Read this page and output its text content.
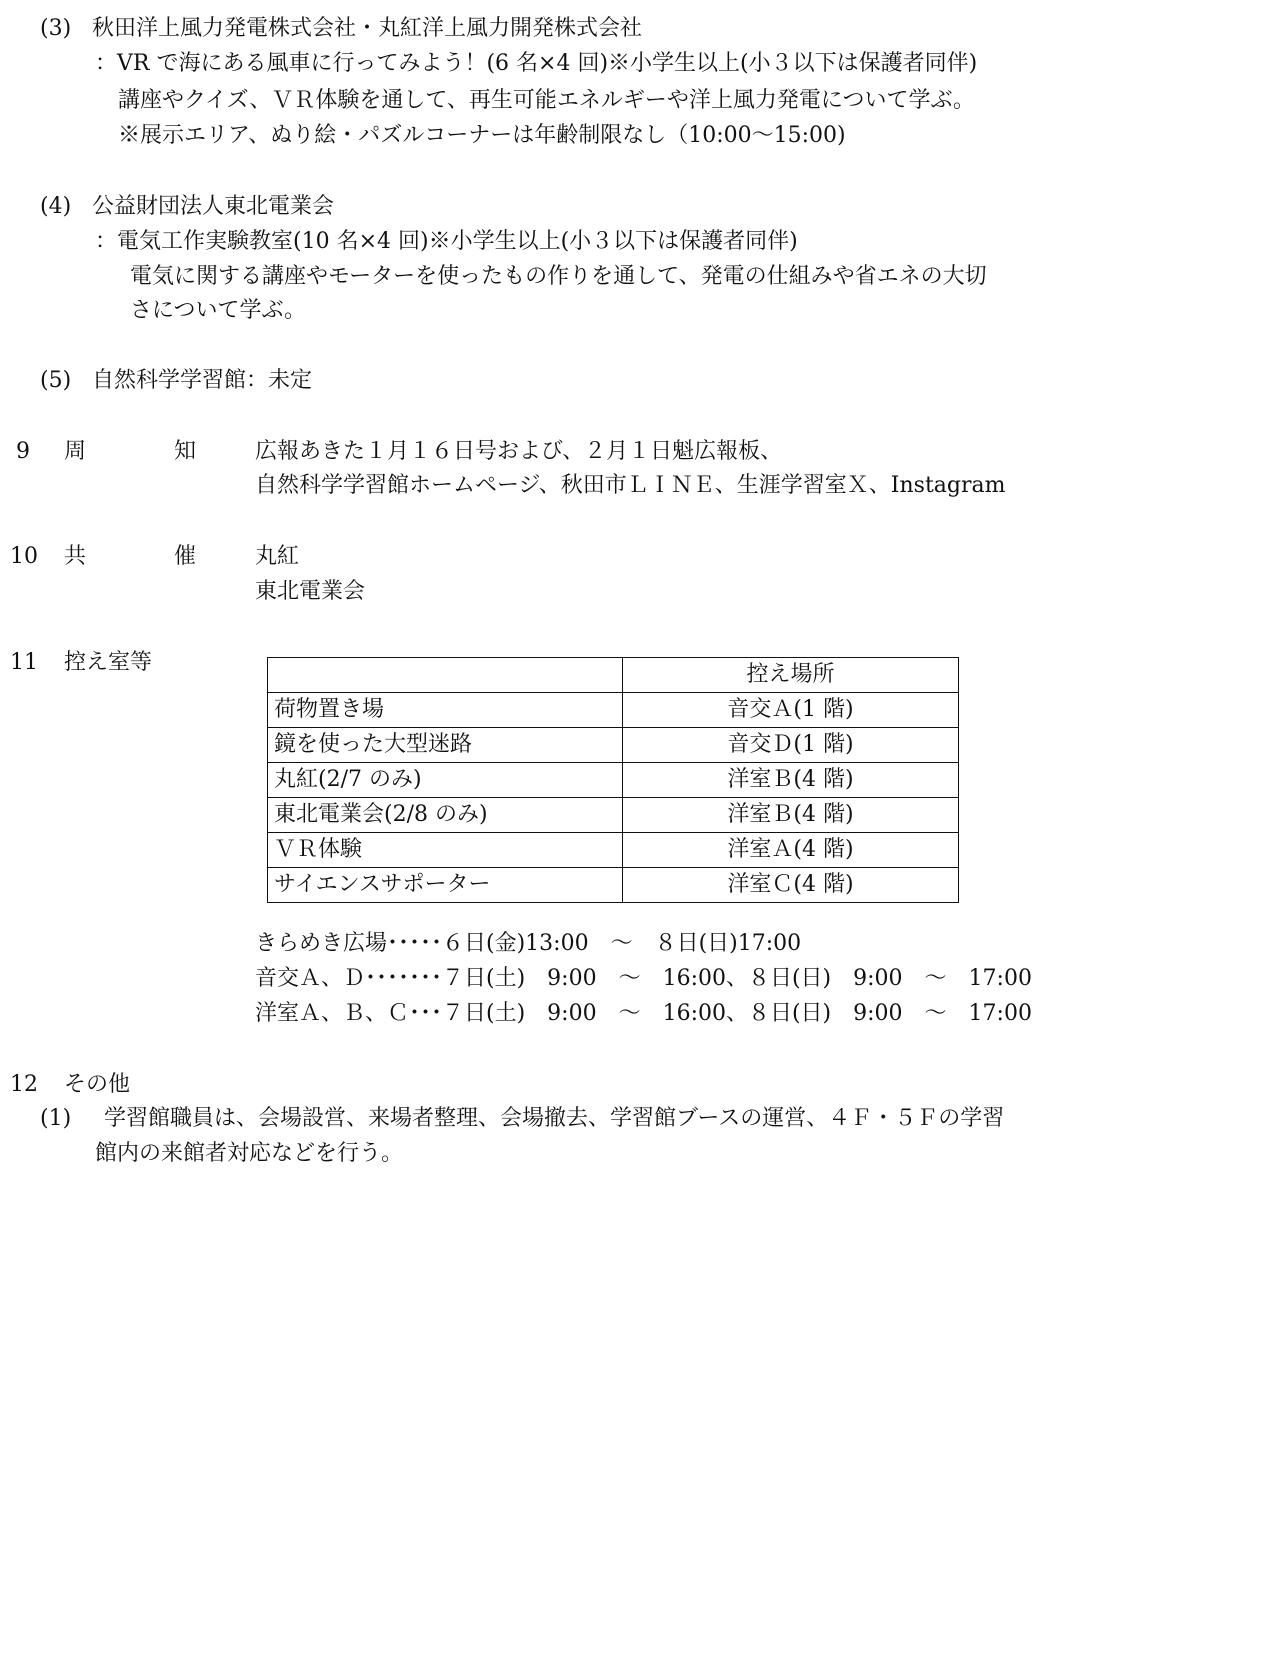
(3) 秋田洋上風力発電株式会社・丸紅洋上風力開発株式会社
：VR で海にある風車に行ってみよう！(6 名×4 回)※小学生以上(小３以下は保護者同伴)
講座やクイズ、ＶＲ体験を通して、再生可能エネルギーや洋上風力発電について学ぶ。
※展示エリア、ぬり絵・パズルコーナーは年齢制限なし（10:00〜15:00)
(4) 公益財団法人東北電業会
：電気工作実験教室(10 名×4 回)※小学生以上(小３以下は保護者同伴)
電気に関する講座やモーターを使ったもの作りを通して、発電の仕組みや省エネの大切
さについて学ぶ。
(5) 自然科学学習館：未定
9 周	知	広報あきた１月１６日号および、２月１日魁広報板、
自然科学学習館ホームページ、秋田市ＬＩＮＥ、生涯学習室Ｘ、Instagram
10 共	催	丸紅
東北電業会
11 控え室等
		控え場所
荷物置き場	音交Ａ(1 階)
鏡を使った大型迷路	音交Ｄ(1 階)
丸紅(2/7 のみ)	洋室Ｂ(4 階)
東北電業会(2/8 のみ)	洋室Ｂ(4 階)
ＶＲ体験	洋室Ａ(4 階)
サイエンスサポーター	洋室Ｃ(4 階)
きらめき広場･････６日(金)13:00　～　８日(日)17:00
音交Ａ、Ｄ･･･････７日(土)　9:00　～　16:00、８日(日)　9:00　～　17:00
洋室Ａ、Ｂ、Ｃ･･･７日(土)　9:00　～　16:00、８日(日)　9:00　～　17:00
12 その他
(1) 学習館職員は、会場設営、来場者整理、会場撤去、学習館ブースの運営、４Ｆ・５Ｆの学習
館内の来館者対応などを行う。
